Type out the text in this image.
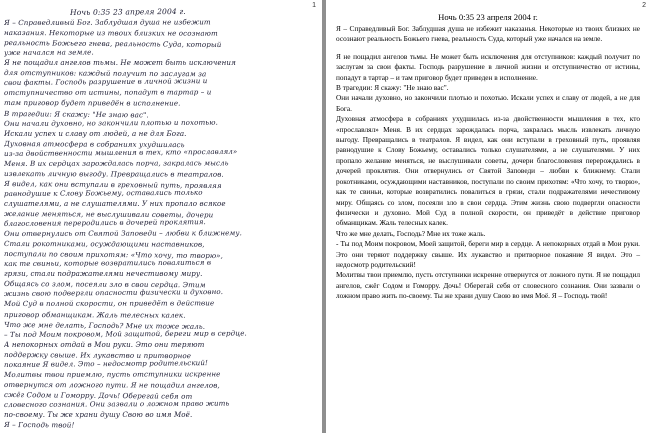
1
Ночь 0:35 23 апреля 2004 г.
Я – Справедливый Бог. Заблудшая душа не избежит
наказания. Некоторые из твоих близких не осознают
реальность Божьего гнева, реальность Суда, который
уже начался на земле.
Я не пощадил ангелов тьмы. Не может быть исключения
для отступников: каждый получит по заслугам за
свои факты. Господь разрушение в личной жизни и
отступничество от истины, попадут в тартар – и
там приговор будет приведён в исполнение.
В трагедии: Я скажу: "Не знаю вас".
Они начали духовно, но закончили плотью и похотью.
Искали успех и славу от людей, а не для Бога.
Духовная атмосфера в собраниях ухудшилась
из-за двойственности мышления в тех, кто «прославлял»
Меня. В их сердцах зарождалась порча, закралась мысль
извлекать личную выгоду. Превращались в театралов.
Я видел, как они вступали в греховный путь, проявляя
равнодушие к Слову Божьему, оставались только
слушателями, а не слушателями. У них пропало всякое
желание меняться, не выслушивали советы, дочери
благословения переродились в дочерей проклятия.
Они отвернулись от Святой Заповеди – любви к ближнему.
Стали рокотниками, осуждающими наставников,
поступали по своим прихотям: «Что хочу, то творю»,
как те свиньи, которые возвратились повалиться в
грязи, стали подражателями нечестивому миру.
Общаясь со злом, посеяли зло в свои сердца. Этим
жизнь свою подвергли опасности физически и духовно.
Мой Суд в полной скорости, он приведёт в действие
приговор обманщикам. Жаль телесных калек.
Что же мне делать, Господь? Мне их тоже жаль.
– Ты под Моим покровом, Мой защитой, береги мир в сердце.
А непокорных отдай в Мои руки. Это они теряют
поддержку свыше. Их лукавство и притворное
покаяние Я видел. Это – недосмотр родительский!
Молитвы твои приемлю, пусть отступники искренне
отвернутся от ложного пути. Я не пощадил ангелов,
сжёг Содом и Гоморру. Дочь! Оберегай себя от
словесного сознания. Они зазвали о ложном право жить
по-своему. Ты же храни душу Свою во имя Моё.
Я – Господь твой!
2
Ночь 0:35 23 апреля 2004 г.

Я – Справедливый Бог. Заблудшая душа не избежит наказанья. Некоторые из твоих близких не осознают реальность Божьего гнева, реальность Суда, который уже начался на земле.

Я не пощадил ангелов тьмы. Не может быть исключения для отступников: каждый получит по заслугам за свои факты. Господь разрушение в личной жизни и отступничество от истины, попадут в тартар – и там приговор будет приведен в исполнение.

В трагедии: Я скажу: "Не знаю вас".

Они начали духовно, но закончили плотью и похотью. Искали успех и славу от людей, а не для Бога.

Духовная атмосфера в собраниях ухудшилась из-за двойственности мышления в тех, кто «прославлял» Меня. В их сердцах зарождалась порча, закралась мысль извлекать личную выгоду. Превращались в театралов. Я видел, как они вступали в греховный путь, проявляя равнодушие к Слову Божьему, оставались только слушателями, а не слушателями. У них пропало желание меняться, не выслушивали советы, дочери благословения перерождались в дочерей проклятия. Они отвернулись от Святой Заповеди – любви к ближнему. Стали рокотниками, осуждающими наставников, поступали по своим прихотям: «Что хочу, то творю», как те свиньи, которые возвратились повалиться в грязи, стали подражателями нечестивому миру. Общаясь со злом, посеяли зло в свои сердца. Этим жизнь свою подвергли опасности физически и духовно. Мой Суд в полной скорости, он приведёт в действие приговор обманщикам. Жаль телесных калек.

Что же мне делать, Господь? Мне их тоже жаль.

- Ты под Моим покровом, Моей защитой, береги мир в сердце. А непокорных отдай в Мои руки. Это они теряют поддержку свыше. Их лукавство и притворное покаяние Я видел. Это – недосмотр родительский!

Молитвы твои приемлю, пусть отступники искренне отвернутся от ложного пути. Я не пощадил ангелов, сжёг Содом и Гоморру. Дочь! Оберегай себя от словесного сознания. Они зазвали о ложном право жить по-своему. Ты же храни душу Свою во имя Моё. Я – Господь твой!
